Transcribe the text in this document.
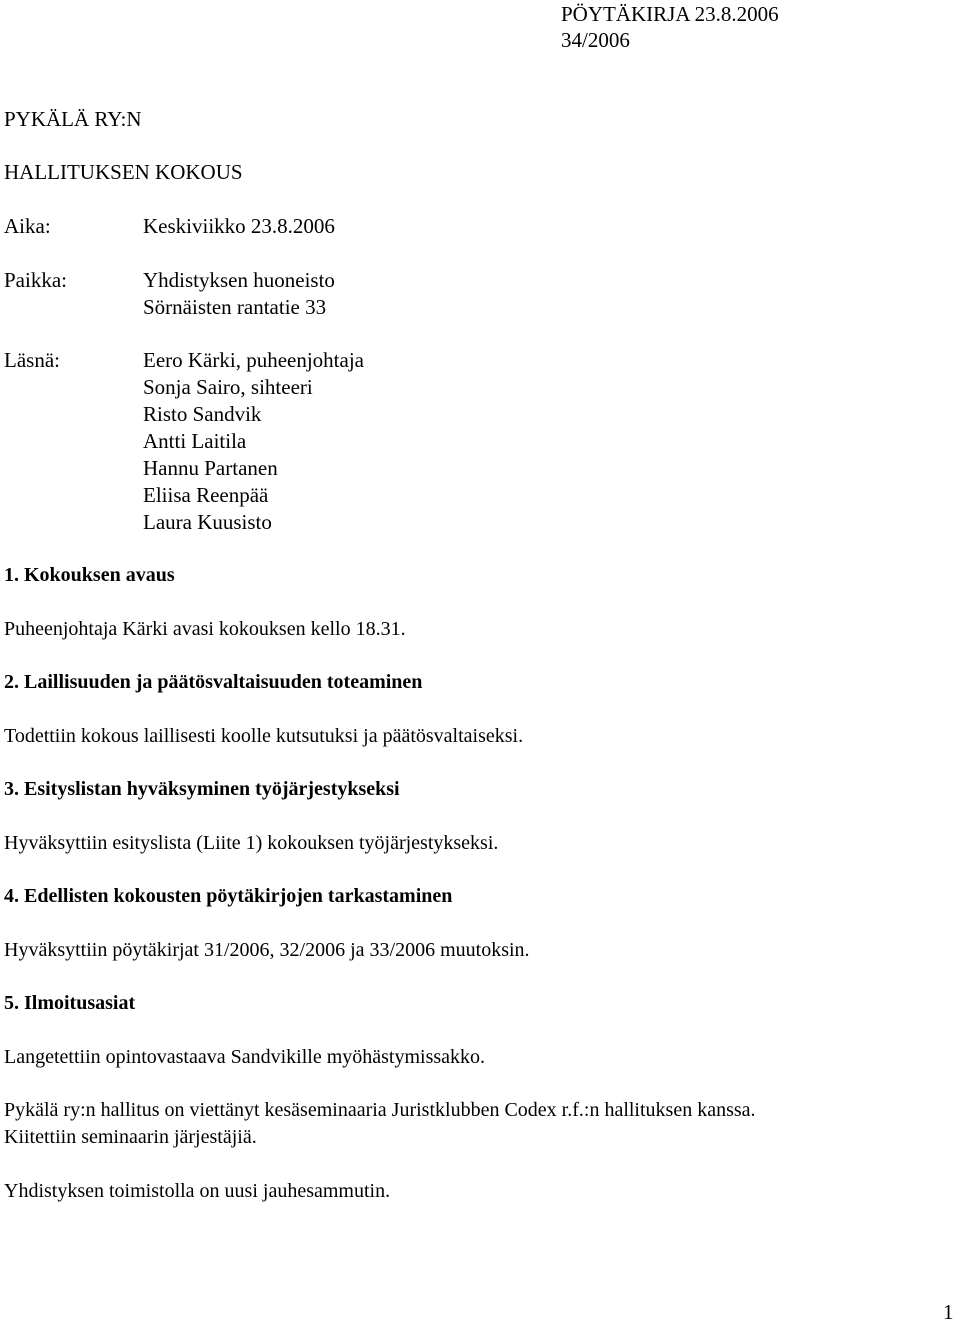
PÖYTÄKIRJA 23.8.2006
34/2006
PYKÄLÄ RY:N
HALLITUKSEN KOKOUS
Aika:	Keskiviikko 23.8.2006
Paikka:	Yhdistyksen huoneisto
Sörnäisten rantatie 33
Läsnä:	Eero Kärki, puheenjohtaja
Sonja Sairo, sihteeri
Risto Sandvik
Antti Laitila
Hannu Partanen
Eliisa Reenpää
Laura Kuusisto
1. Kokouksen avaus
Puheenjohtaja Kärki avasi kokouksen kello 18.31.
2. Laillisuuden ja päätösvaltaisuuden toteaminen
Todettiin kokous laillisesti koolle kutsutuksi ja päätösvaltaiseksi.
3. Esityslistan hyväksyminen työjärjestykseksi
Hyväksyttiin esityslista (Liite 1) kokouksen työjärjestykseksi.
4. Edellisten kokousten pöytäkirjojen tarkastaminen
Hyväksyttiin pöytäkirjat 31/2006, 32/2006 ja 33/2006 muutoksin.
5. Ilmoitusasiat
Langetettiin opintovastaava Sandvikille myöhästymissakko.
Pykälä ry:n hallitus on viettänyt kesäseminaaria Juristklubben Codex r.f.:n hallituksen kanssa.
Kiitettiin seminaarin järjestäjiä.
Yhdistyksen toimistolla on uusi jauhesammutin.
1
